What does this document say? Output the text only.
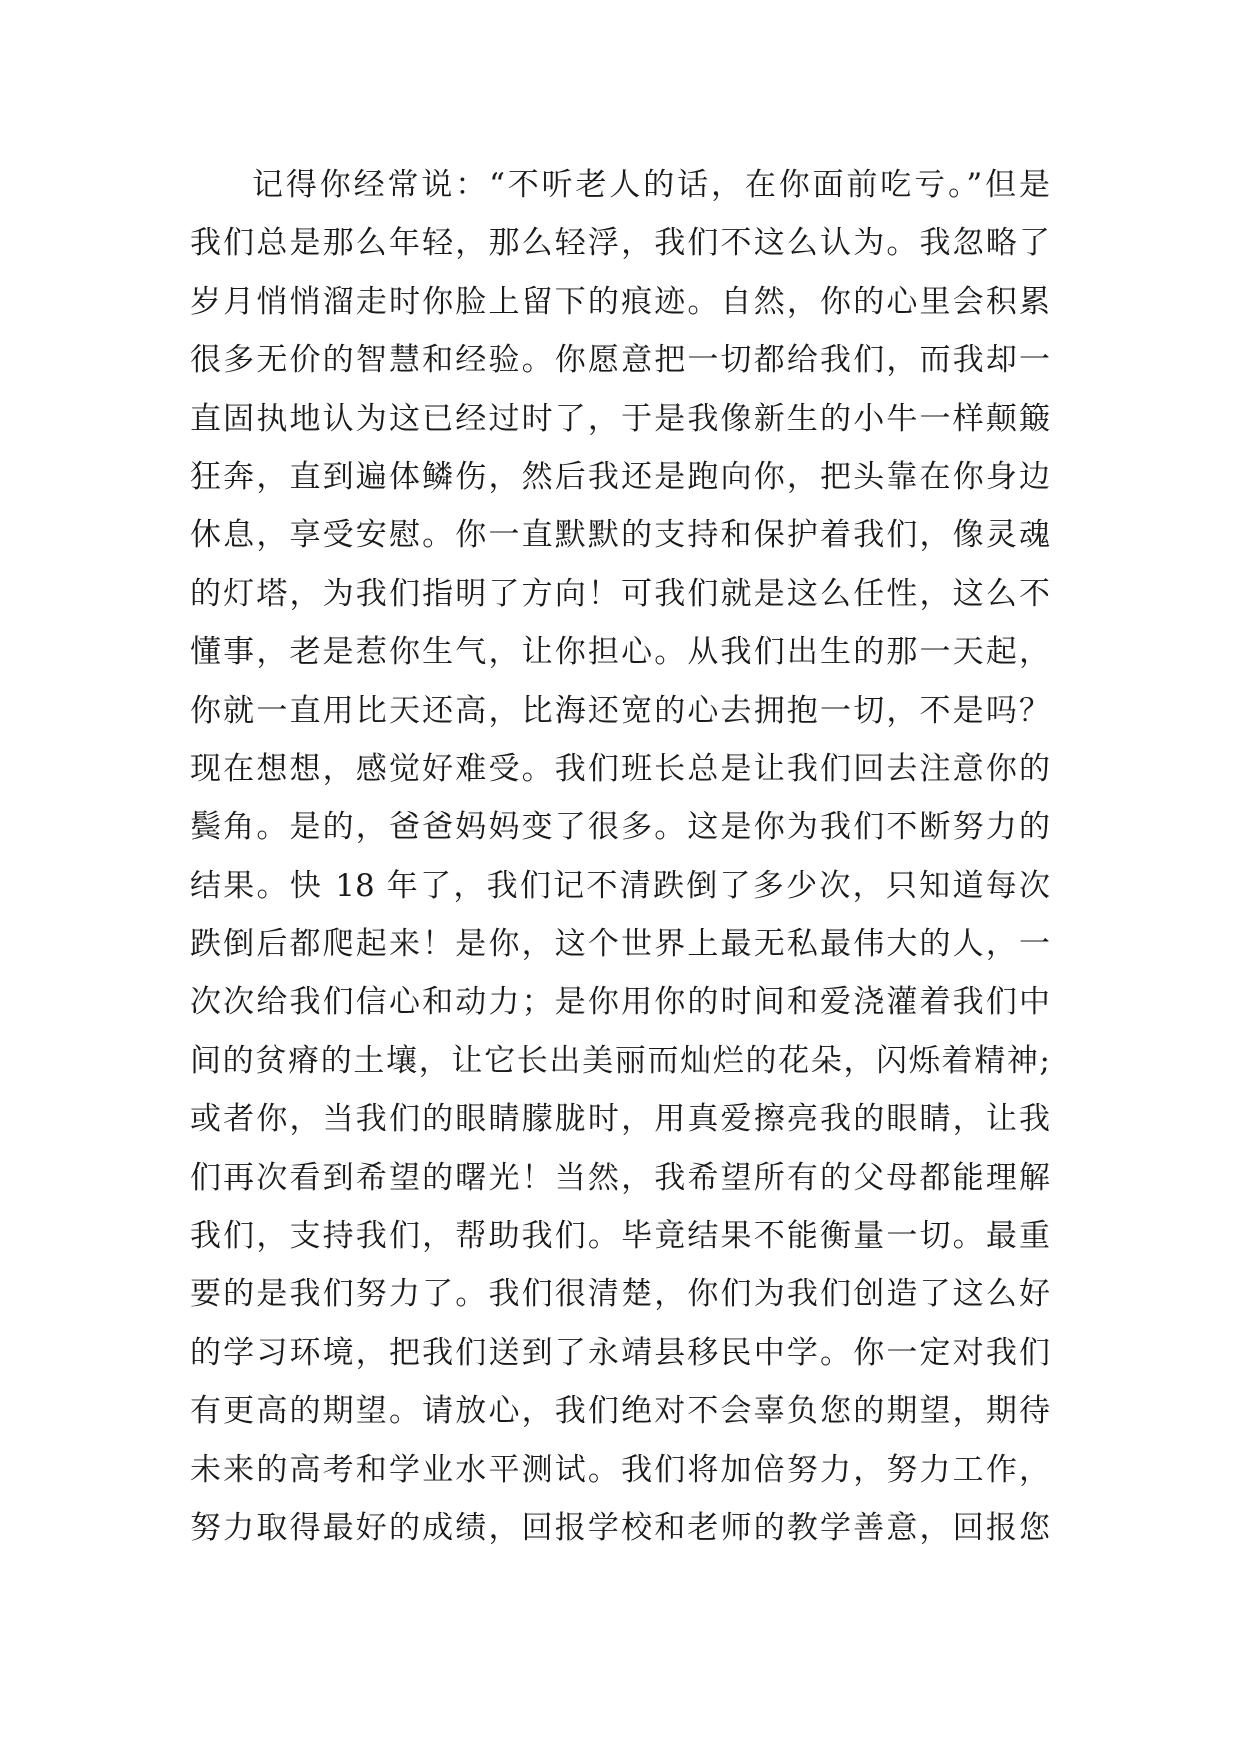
记得你经常说：“不听老人的话，在你面前吃亏。”但是
我们总是那么年轻，那么轻浮，我们不这么认为。我忽略了
岁月悄悄溜走时你脸上留下的痕迹。自然，你的心里会积累
很多无价的智慧和经验。你愿意把一切都给我们，而我却一
直固执地认为这已经过时了，于是我像新生的小牛一样颠簸
狂奔，直到遍体鳞伤，然后我还是跑向你，把头靠在你身边
休息，享受安慰。你一直默默的支持和保护着我们，像灵魂
的灯塔，为我们指明了方向！可我们就是这么任性，这么不
懂事，老是惹你生气，让你担心。从我们出生的那一天起，
你就一直用比天还高，比海还宽的心去拥抱一切，不是吗？
现在想想，感觉好难受。我们班长总是让我们回去注意你的
鬓角。是的，爸爸妈妈变了很多。这是你为我们不断努力的
结果。快 18 年了，我们记不清跌倒了多少次，只知道每次
跌倒后都爬起来！是你，这个世界上最无私最伟大的人，一
次次给我们信心和动力；是你用你的时间和爱浇灌着我们中
间的贫瘠的土壤，让它长出美丽而灿烂的花朵，闪烁着精神;
或者你，当我们的眼睛朦胧时，用真爱擦亮我的眼睛，让我
们再次看到希望的曙光！当然，我希望所有的父母都能理解
我们，支持我们，帮助我们。毕竟结果不能衡量一切。最重
要的是我们努力了。我们很清楚，你们为我们创造了这么好
的学习环境，把我们送到了永靖县移民中学。你一定对我们
有更高的期望。请放心，我们绝对不会辜负您的期望，期待
未来的高考和学业水平测试。我们将加倍努力，努力工作，
努力取得最好的成绩，回报学校和老师的教学善意，回报您
